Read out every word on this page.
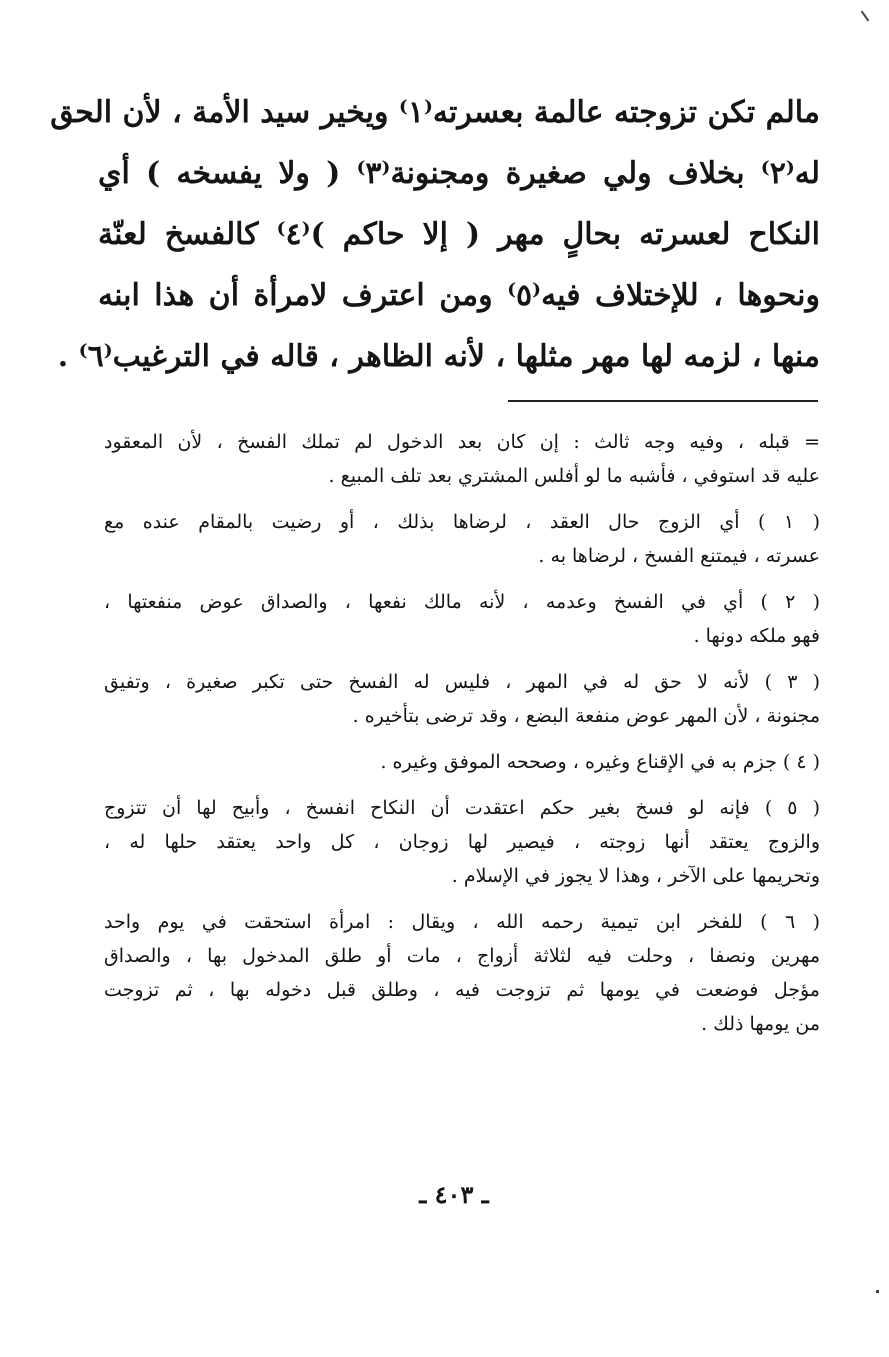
مالم تكن تزوجته عالمة بعسرته⁽١⁾ ويخير سيد الأمة ، لأن الحق
له⁽٢⁾ بخلاف ولي صغيرة ومجنونة⁽٣⁾ ( ولا يفسخه ) أي
النكاح لعسرته بحالٍ مهر ( إلا حاكم )⁽٤⁾ كالفسخ لعنّة
ونحوها ، للإختلاف فيه⁽٥⁾ ومن اعترف لامرأة أن هذا ابنه
منها ، لزمه لها مهر مثلها ، لأنه الظاهر ، قاله في الترغيب⁽٦⁾ .
= قبله ، وفيه وجه ثالث : إن كان بعد الدخول لم تملك الفسخ ، لأن المعقود
عليه قد استوفي ، فأشبه ما لو أفلس المشتري بعد تلف المبيع .
( ١ ) أي الزوج حال العقد ، لرضاها بذلك ، أو رضيت بالمقام عنده مع
عسرته ، فيمتنع الفسخ ، لرضاها به .
( ٢ ) أي في الفسخ وعدمه ، لأنه مالك نفعها ، والصداق عوض منفعتها ،
فهو ملكه دونها .
( ٣ ) لأنه لا حق له في المهر ، فليس له الفسخ حتى تكبر صغيرة ، وتفيق
مجنونة ، لأن المهر عوض منفعة البضع ، وقد ترضى بتأخيره .
( ٤ ) جزم به في الإقناع وغيره ، وصححه الموفق وغيره .
( ٥ ) فإنه لو فسخ بغير حكم اعتقدت أن النكاح انفسخ ، وأبيح لها أن تتزوج
والزوج يعتقد أنها زوجته ، فيصير لها زوجان ، كل واحد يعتقد حلها له ،
وتحريمها على الآخر ، وهذا لا يجوز في الإسلام .
( ٦ ) للفخر ابن تيمية رحمه الله ، ويقال : امرأة استحقت في يوم واحد
مهرين ونصفا ، وحلت فيه لثلاثة أزواج ، مات أو طلق المدخول بها ، والصداق
مؤجل فوضعت في يومها ثم تزوجت فيه ، وطلق قبل دخوله بها ، ثم تزوجت
من يومها ذلك .
ـ ٤٠٣ ـ
